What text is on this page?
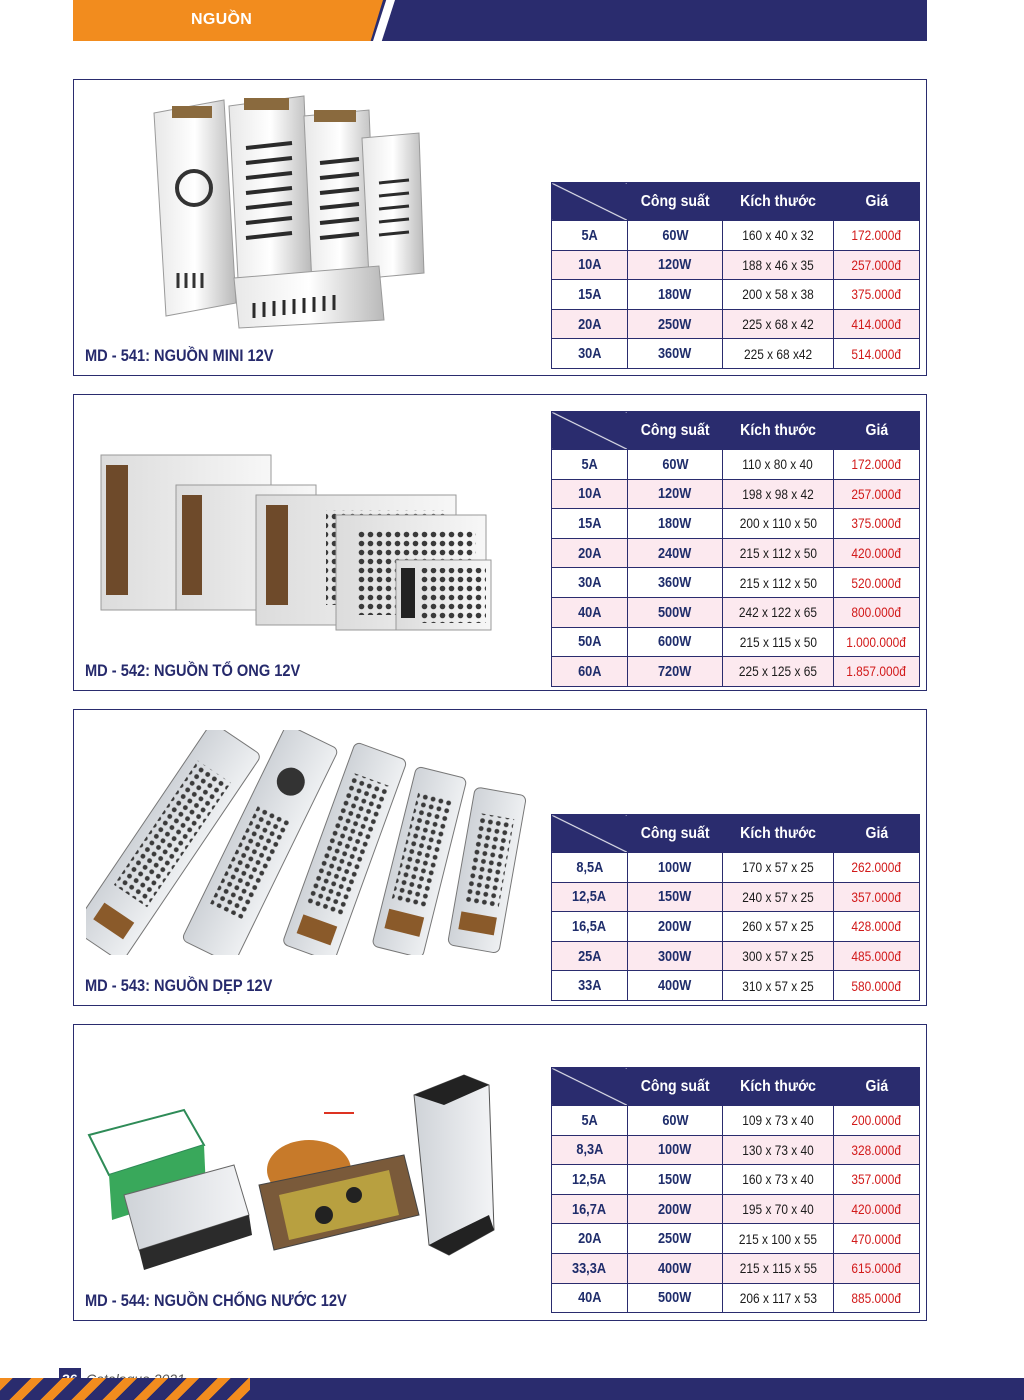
NGUỒN
MD - 541: NGUỒN MINI 12V
	Công suất	Kích thước	Giá
5A	60W	160 x 40 x 32	172.000đ
10A	120W	188 x 46 x 35	257.000đ
15A	180W	200 x 58 x 38	375.000đ
20A	250W	225 x 68 x 42	414.000đ
30A	360W	225 x 68 x42	514.000đ
MD - 542: NGUỒN TỔ ONG 12V
	Công suất	Kích thước	Giá
5A	60W	110 x 80 x 40	172.000đ
10A	120W	198 x 98 x 42	257.000đ
15A	180W	200 x 110 x 50	375.000đ
20A	240W	215 x 112 x 50	420.000đ
30A	360W	215 x 112 x 50	520.000đ
40A	500W	242 x 122 x 65	800.000đ
50A	600W	215 x 115 x 50	1.000.000đ
60A	720W	225 x 125 x 65	1.857.000đ
MD - 543: NGUỒN DẸP 12V
	Công suất	Kích thước	Giá
8,5A	100W	170 x 57 x 25	262.000đ
12,5A	150W	240 x 57 x 25	357.000đ
16,5A	200W	260 x 57 x 25	428.000đ
25A	300W	300 x 57 x 25	485.000đ
33A	400W	310 x 57 x 25	580.000đ
MD - 544: NGUỒN CHỐNG NƯỚC 12V
	Công suất	Kích thước	Giá
5A	60W	109 x 73 x 40	200.000đ
8,3A	100W	130 x 73 x 40	328.000đ
12,5A	150W	160 x 73 x 40	357.000đ
16,7A	200W	195 x 70 x 40	420.000đ
20A	250W	215 x 100 x 55	470.000đ
33,3A	400W	215 x 115 x 55	615.000đ
40A	500W	206 x 117 x 53	885.000đ
